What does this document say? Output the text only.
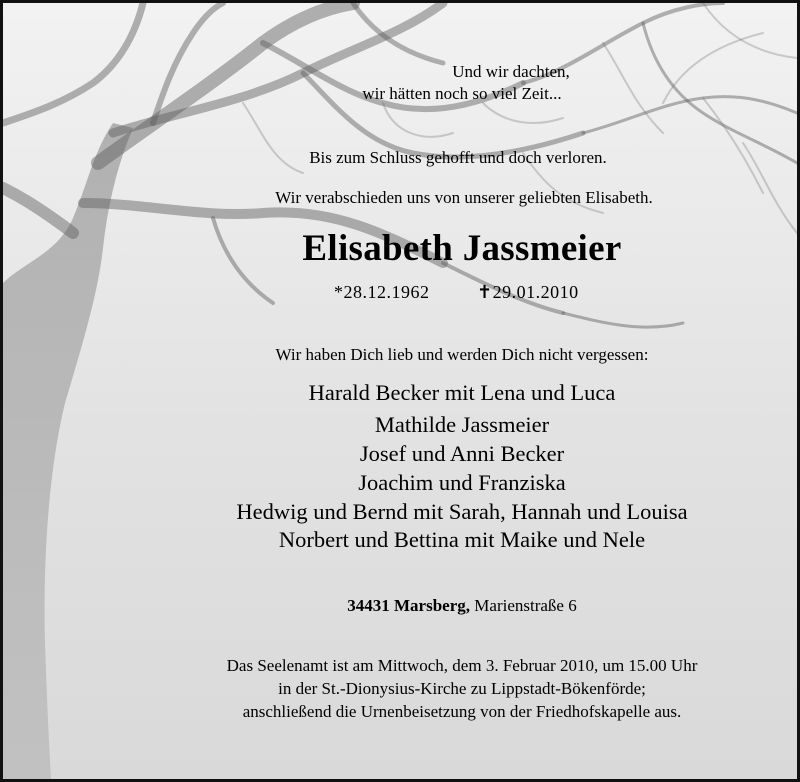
Und wir dachten,
wir hätten noch so viel Zeit...
Bis zum Schluss gehofft und doch verloren.
Wir verabschieden uns von unserer geliebten Elisabeth.
Elisabeth Jassmeier
*28.12.1962	✝29.01.2010
Wir haben Dich lieb und werden Dich nicht vergessen:
Harald Becker mit Lena und Luca
Mathilde Jassmeier
Josef und Anni Becker
Joachim und Franziska
Hedwig und Bernd mit Sarah, Hannah und Louisa
Norbert und Bettina mit Maike und Nele
34431 Marsberg, Marienstraße 6
Das Seelenamt ist am Mittwoch, dem 3. Februar 2010, um 15.00 Uhr
in der St.-Dionysius-Kirche zu Lippstadt-Bökenförde;
anschließend die Urnenbeisetzung von der Friedhofskapelle aus.
